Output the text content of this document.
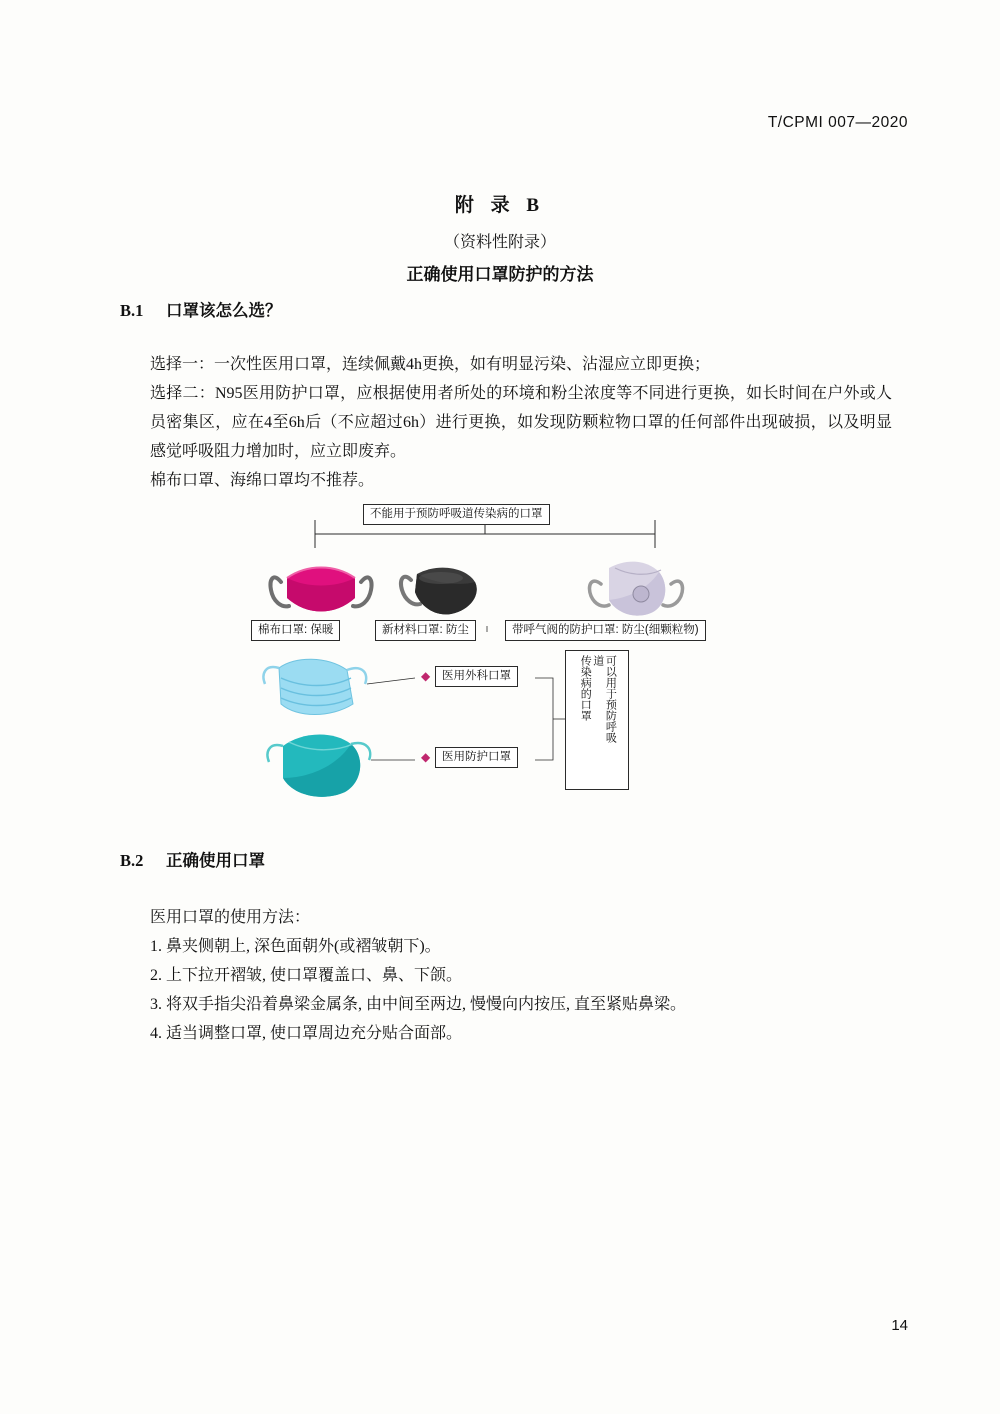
T/CPMI 007—2020
附 录 B
（资料性附录）
正确使用口罩防护的方法
B.1 口罩该怎么选？
选择一：一次性医用口罩，连续佩戴4h更换，如有明显污染、沾湿应立即更换；
选择二：N95医用防护口罩，应根据使用者所处的环境和粉尘浓度等不同进行更换，如长时间在户外或人员密集区，应在4至6h后（不应超过6h）进行更换，如发现防颗粒物口罩的任何部件出现破损，以及明显感觉呼吸阻力增加时，应立即废弃。
棉布口罩、海绵口罩均不推荐。
不能用于预防呼吸道传染病的口罩
棉布口罩: 保暖	新材料口罩: 防尘	带呼气阀的防护口罩: 防尘(细颗粒物)
医用外科口罩
医用防护口罩
◆
◆
可以用于预防呼吸
道
传染病的口罩
B.2 正确使用口罩
医用口罩的使用方法：
1. 鼻夹侧朝上, 深色面朝外(或褶皱朝下)。
2. 上下拉开褶皱, 使口罩覆盖口、鼻、下颌。
3. 将双手指尖沿着鼻梁金属条, 由中间至两边, 慢慢向内按压, 直至紧贴鼻梁。
4. 适当调整口罩, 使口罩周边充分贴合面部。
14
